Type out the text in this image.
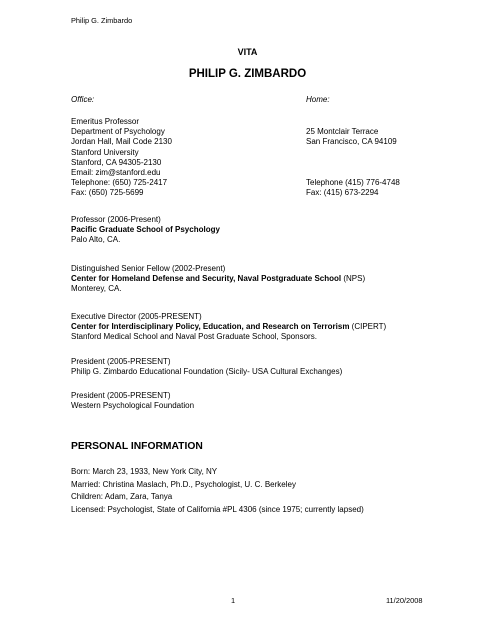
Philip G. Zimbardo
VITA
PHILIP G. ZIMBARDO
Office:	Home:
Emeritus Professor
Department of Psychology
Jordan Hall, Mail Code 2130
Stanford University
Stanford, CA 94305-2130
Email: zim@stanford.edu
Telephone: (650) 725-2417
Fax: (650) 725-5699
25 Montclair Terrace
San Francisco, CA 94109
Telephone (415) 776-4748
Fax: (415) 673-2294
Professor (2006-Present)
Pacific Graduate School of Psychology
Palo Alto, CA.
Distinguished Senior Fellow (2002-Present)
Center for Homeland Defense and Security, Naval Postgraduate School (NPS)
Monterey, CA.
Executive Director (2005-PRESENT)
Center for Interdisciplinary Policy, Education, and Research on Terrorism (CIPERT)
Stanford Medical School and Naval Post Graduate School, Sponsors.
President (2005-PRESENT)
Philip G. Zimbardo Educational Foundation (Sicily- USA Cultural Exchanges)
President (2005-PRESENT)
Western Psychological Foundation
PERSONAL INFORMATION
Born: March 23, 1933, New York City, NY
Married: Christina Maslach, Ph.D., Psychologist, U. C. Berkeley
Children: Adam, Zara, Tanya
Licensed: Psychologist, State of California #PL 4306 (since 1975; currently lapsed)
1	11/20/2008
